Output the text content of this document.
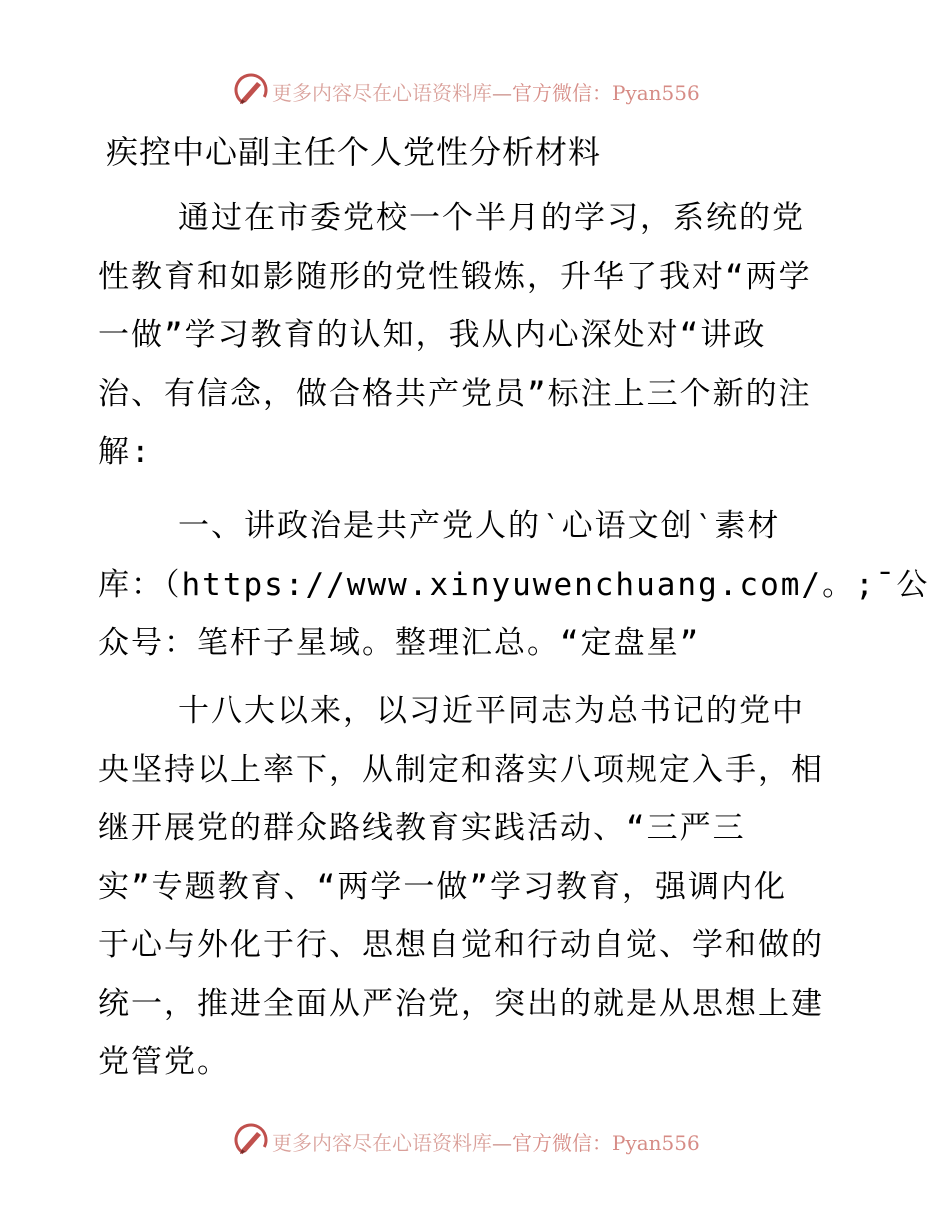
更多内容尽在心语资料库—官方微信：Pyan556
疾控中心副主任个人党性分析材料
通过在市委党校一个半月的学习，系统的党
性教育和如影随形的党性锻炼，升华了我对“两学
一做”学习教育的认知，我从内心深处对“讲政
治、有信念，做合格共产党员”标注上三个新的注
解:
一、讲政治是共产党人的‵心语文创‵素材
库：（https://www.xinyuwenchuang.com/。;¯公
众号：笔杆子星域。整理汇总。“定盘星”
十八大以来，以习近平同志为总书记的党中
央坚持以上率下，从制定和落实八项规定入手，相
继开展党的群众路线教育实践活动、“三严三
实”专题教育、“两学一做”学习教育，强调内化
于心与外化于行、思想自觉和行动自觉、学和做的
统一，推进全面从严治党，突出的就是从思想上建
党管党。
更多内容尽在心语资料库—官方微信：Pyan556
